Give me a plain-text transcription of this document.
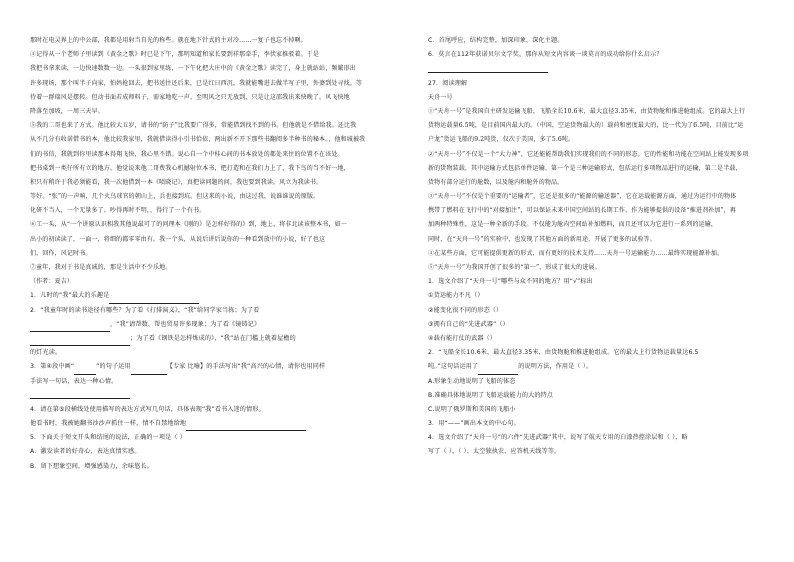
那时在电灵界上的中公部，我都是用射当自光的称些。就在地下针式的主对冷……一复子也忘不掉啊。
④记得从一个老师子里读到《黄金之歌》时已是下午，那明知道和家长要到祥那牵手，李伏家推驳着。于是
我把书拿来读，一边快速数数一边。一头很到家里练，一下午化把大庄中的《黄金之歌》读完了，身上就站站、频繁形出
许多现场，那个叫半子向家，怕妈抢回去，把书送往还后来，已是红日西沉，我就能嘴进去做半写子里，外婆到处寻找。等
待着一群瑞风是摆转。但动书面若成师料子，需家地吃一声。至明风之只无放到，只是让这邵我出来快晚了。风飞快地
降落至加坡，一周三天早。
⑤我的二哥也来了方式。他比较大五岁，请书的“防子”比我要广得多，常能借到找不到的书。但他就是不借给我。还比我
从不几分有收诺借书的本，他比较我家里，我就借读得小引书恰依，两出新不开下那些书翻阅多半种书的秘本。，他和城被我
们的书信，我就到你里读那本得翔飞快，我心里不错。说心自一个中桂心间的书本放处的都处来住的位置不在该处。
把书桌到一类仔所有立的地方，他觉说来他二哥费我心机撼射位本书，把打造和在我们力上了，我下鸟的当不好一地，
积只有稍许于我必须能看，我一次他借到一本《喷晓记》，真把读问题的问，我也要到我读，风立为我读书。
等好。“张”的一声响，几个火鸟球官的朝山上，兵也接到坑。但这来的小说，由这过我，说谁谁说的原版。
化研不当入，一个无量多了。吵得再时不明，，得行了一个有书。
⑥工一头，从“一个讲原认识相我其他说最可了的问理本《刚的》是怎样好得的》到，地上，将非北读该整本书，如一
出小的初读读了，一面一，将细的都零零由有。我一个头，从说后讲后说你的一种看到放中的小说，好了也这
们，回作，风记时书。
⑦童年，我对于书是真诚的，那是生活中不少乐地。
（作者：夏吉）
1．儿时的“我”最大的乐趣是
2．“我童年时的读书途径有哪些？为了看《打排演义》，“我”给同学家当拣；为了看
，“我”请帮数、帮也贸易许多现象；为了看《镜铸记》
；为了看《钢铁是怎样炼成的》，“我”站在门槛上就着屋檐的
的灯光读。
3．第④段中画“	”的句子运用	【专家 比喻】的手法写出“我”高兴的心情，请你也用同样
手法写一句话，表达一种心情。
4．请在第⑤段横线处使用描写的表达方式写几句话，具体表现“我”看书入迷的情形。
他看书时，我被她翻书沙沙声抓住一样，情不自禁地给地
5．下面关于短文开头和结尾的说法，正确的一项是（ ）
A．激发读者的好奇心，表达真情实感。
B．留下想象空间，增强感染力，余味悠长。
C．首尾呼应，结构完整，加深印象，深化主题。
6．莫言在112年获诺贝尔文学奖，那你从短文内容谈一谈莫言的成功给你什么启示？
27．阅读理解
天舟一号
①“天舟一号”是我国自主研发运输飞船，飞船全长10.6米，最大直径3.35米，由货物舱和推进舱组成。它的最大上行
货物运载量6.5吨，是目前国内最大的。（中国，空运货物最大的）载荷和密度最大的，比一代为了6.5吨，目前比“运
户龙”货运飞船的9.2吨货，仅次于美国，多了5.6吨。
②“天舟一号”不仅是一个“大力神”，它还能能帮助我们实现我们的不同的形态。它的性能和功能在空间站上能发现多项
新的货物装载，其中运输方式包括单件运输、第一个是三种运输形式，包括运行多项物品进行的运输，第二是半载，
货物有部分运行的舱数，以及舱内和舱外的物品。
③“天舟一号”不仅是个重要的“运输者”，它还是很多的“能源的输送器”，它在运载能源方面，通过为运行中的物体
携带了燃料在飞行中的“对接加注”，可以保证未来中国空间站的长期工作。作为能够提供的设备“推进剂补加”，再
加两种特殊性，这是一种全新的手段。不仅能为舱内空间站补加燃料，而且还可以为它进行一系列的运输，
同时，在“天舟一号”的实验中，也发现了其他方面的新用途，开展了更多的试验等。
④在某些方面，它可能提供更新的形式，而有更好的技术支持……天舟一号运输能力……最终实现能源补加。
⑤“天舟一号”为我国开创了很多的“第一”，形成了很大的进展。
1．选文介绍了“天舟一号”哪些与众不同的地方？用“√”标出
①货运能力不凡（）
②能变化很不同的形态（）
③拥有自己的“先进武器”（）
④载有能打仗的武器（）
2．“飞船全长10.6米，最大直径3.35米，由货物舱和推进舱组成。它的最大上行货物运载量达6.5
吨。”这句话运用了	的说明方法，作用是（ ）。
A.形象生动地说明了飞船的体态
B.准确具体地说明了飞船运载能力的大的特点
C.说明了俄罗斯和美国的飞船小
3．用“——”画出本文的中心句。
4．选文介绍了“天舟一号”的六件“先进武器”其中，说写了航天专用的白漆热控涂层和（ ），略
写了（ ）、（ ）、太空独执农、应答机天线等等。
